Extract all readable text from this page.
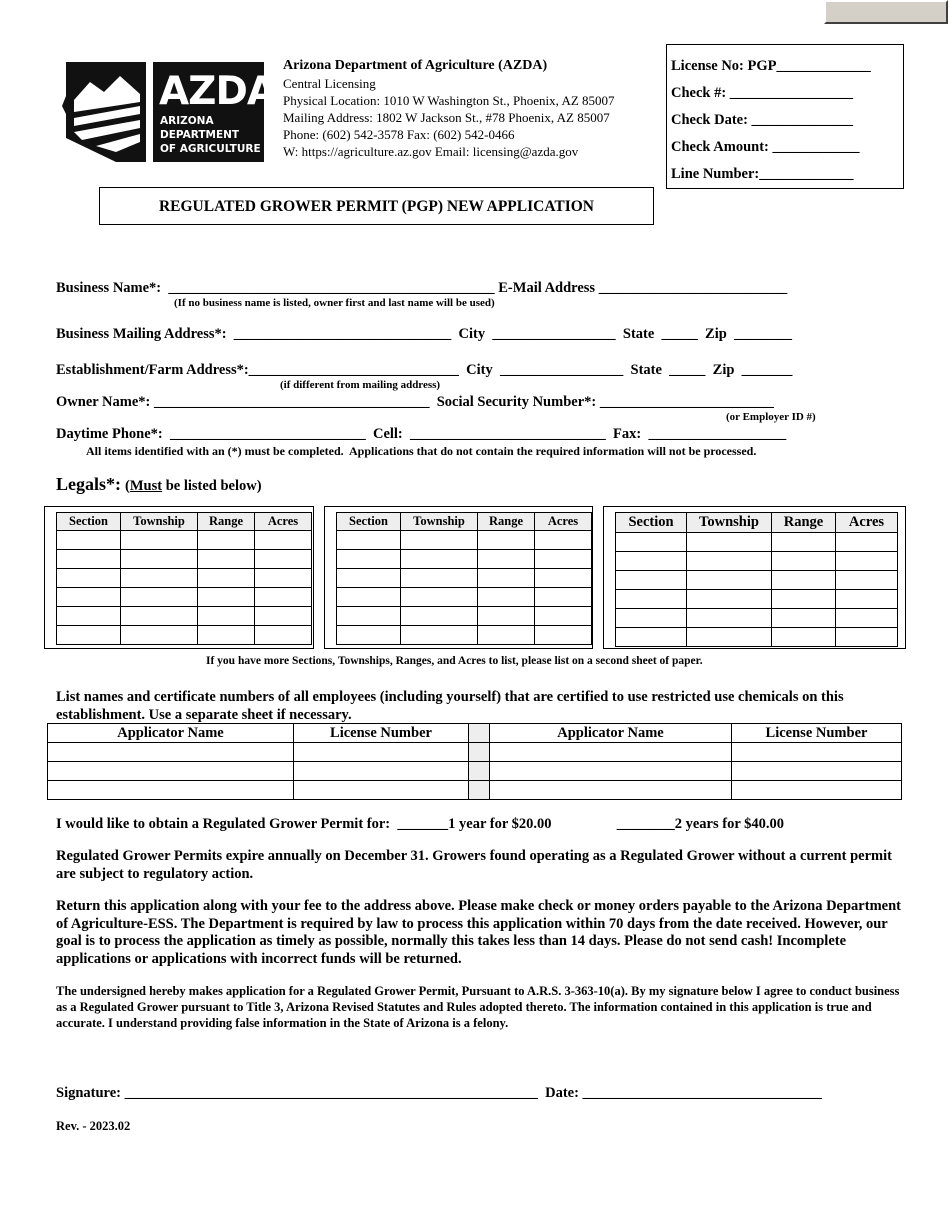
AZDA
ARIZONA
DEPARTMENT
OF AGRICULTURE
Arizona Department of Agriculture (AZDA)
Central Licensing
Physical Location: 1010 W Washington St., Phoenix, AZ 85007
Mailing Address: 1802 W Jackson St., #78 Phoenix, AZ 85007
Phone: (602) 542-3578 Fax: (602) 542-0466
W: https://agriculture.az.gov Email: licensing@azda.gov
License No: PGP_____________
Check #: _________________
Check Date: ______________
Check Amount: ____________
Line Number:_____________
REGULATED GROWER PERMIT (PGP) NEW APPLICATION
Business Name*:  _____________________________________________ E-Mail Address __________________________
(If no business name is listed, owner first and last name will be used)
Business Mailing Address*:  ______________________________  City  _________________  State  _____  Zip  ________
Establishment/Farm Address*:_____________________________  City  _________________  State  _____  Zip  _______
(if different from mailing address)
Owner Name*: ______________________________________  Social Security Number*: ________________________
(or Employer ID #)
Daytime Phone*:  ___________________________  Cell:  ___________________________  Fax:  ___________________
All items identified with an (*) must be completed.  Applications that do not contain the required information will not be processed.
Legals*: (Must be listed below)
Section	Township	Range	Acres

				Section	Township	Range	Acres

				Section	Township	Range	Acres

If you have more Sections, Townships, Ranges, and Acres to list, please list on a second sheet of paper.
List names and certificate numbers of all employees (including yourself) that are certified to use restricted use chemicals on this establishment. Use a separate sheet if necessary.
Applicator Name	License Number		Applicator Name	License Number

I would like to obtain a Regulated Grower Permit for:  _______1 year for $20.00                  ________2 years for $40.00
Regulated Grower Permits expire annually on December 31. Growers found operating as a Regulated Grower without a current permit are subject to regulatory action.
Return this application along with your fee to the address above. Please make check or money orders payable to the Arizona Department of Agriculture-ESS. The Department is required by law to process this application within 70 days from the date received. However, our goal is to process the application as timely as possible, normally this takes less than 14 days. Please do not send cash! Incomplete applications or applications with incorrect funds will be returned.
The undersigned hereby makes application for a Regulated Grower Permit, Pursuant to A.R.S. 3-363-10(a). By my signature below I agree to conduct business as a Regulated Grower pursuant to Title 3, Arizona Revised Statutes and Rules adopted thereto. The information contained in this application is true and accurate. I understand providing false information in the State of Arizona is a felony.
Signature: _________________________________________________________  Date: _________________________________
Rev. - 2023.02
